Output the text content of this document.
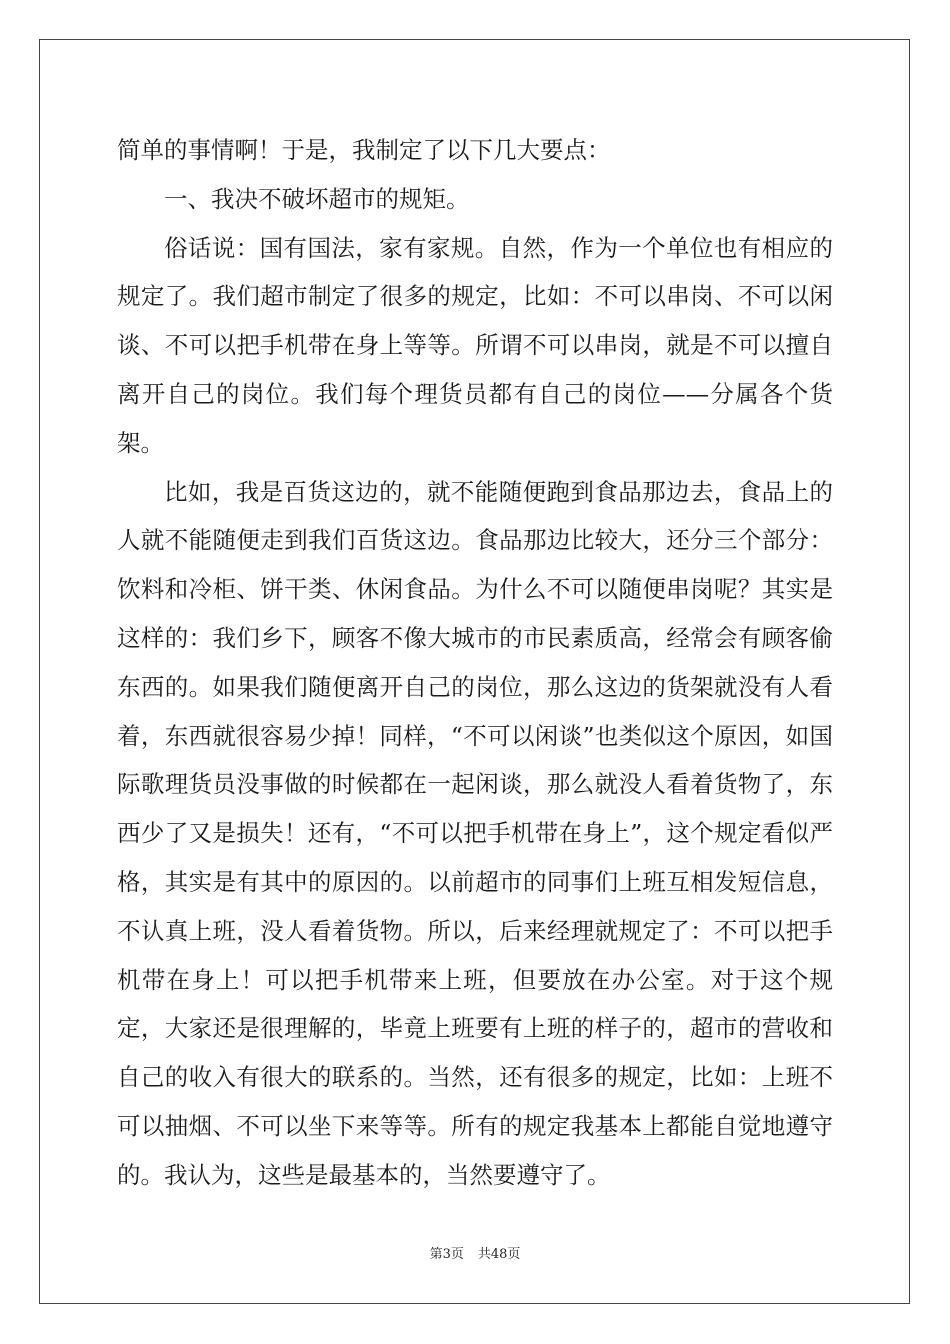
简单的事情啊！于是，我制定了以下几大要点：

一、我决不破坏超市的规矩。

俗话说：国有国法，家有家规。自然，作为一个单位也有相应的规定了。我们超市制定了很多的规定，比如：不可以串岗、不可以闲谈、不可以把手机带在身上等等。所谓不可以串岗，就是不可以擅自离开自己的岗位。我们每个理货员都有自己的岗位——分属各个货架。

比如，我是百货这边的，就不能随便跑到食品那边去，食品上的人就不能随便走到我们百货这边。食品那边比较大，还分三个部分：饮料和冷柜、饼干类、休闲食品。为什么不可以随便串岗呢？其实是这样的：我们乡下，顾客不像大城市的市民素质高，经常会有顾客偷东西的。如果我们随便离开自己的岗位，那么这边的货架就没有人看着，东西就很容易少掉！同样，“不可以闲谈”也类似这个原因，如国际歌理货员没事做的时候都在一起闲谈，那么就没人看着货物了，东西少了又是损失！还有，“不可以把手机带在身上”，这个规定看似严格，其实是有其中的原因的。以前超市的同事们上班互相发短信息，不认真上班，没人看着货物。所以，后来经理就规定了：不可以把手机带在身上！可以把手机带来上班，但要放在办公室。对于这个规定，大家还是很理解的，毕竟上班要有上班的样子的，超市的营收和自己的收入有很大的联系的。当然，还有很多的规定，比如：上班不可以抽烟、不可以坐下来等等。所有的规定我基本上都能自觉地遵守的。我认为，这些是最基本的，当然要遵守了。

第3页 共48页
